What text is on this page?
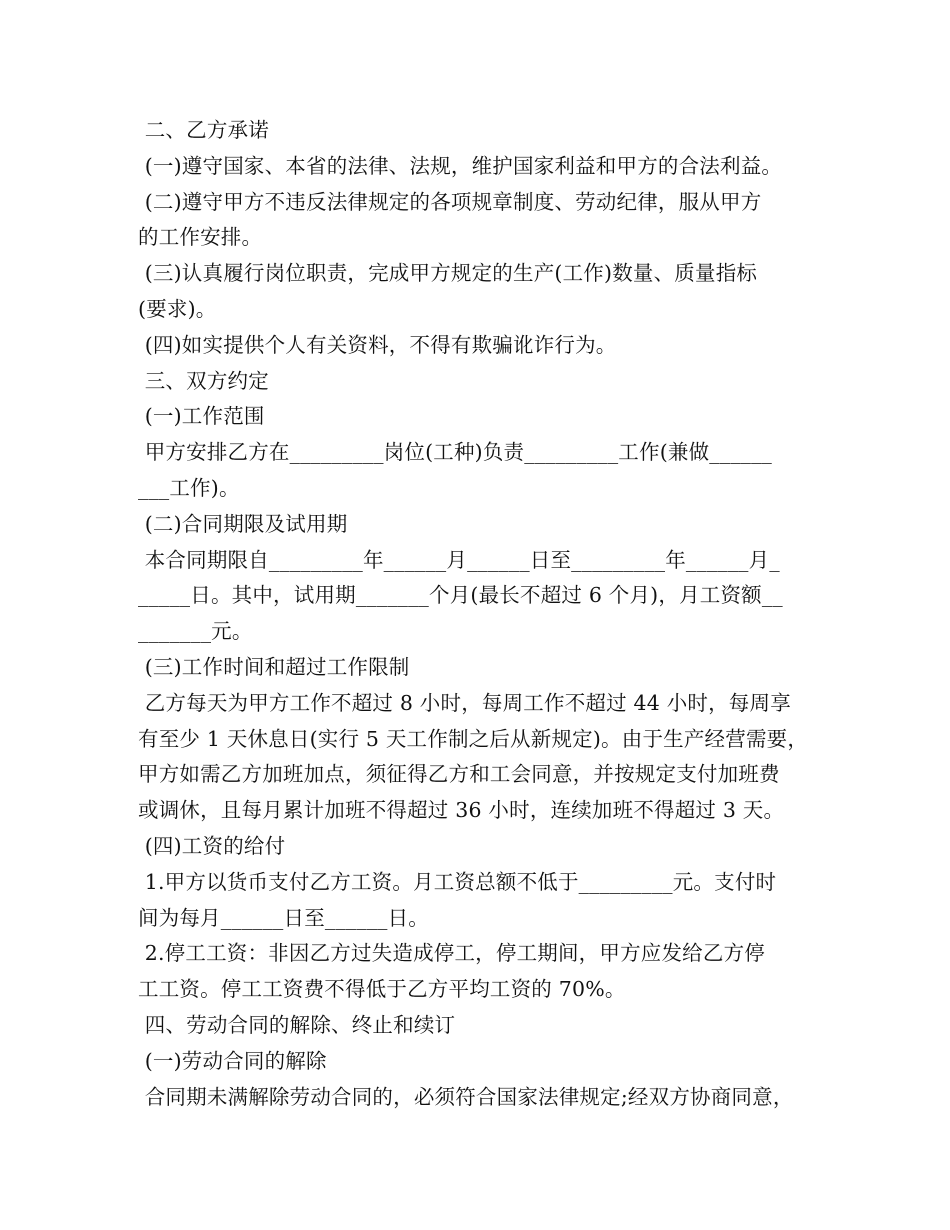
二、乙方承诺
(一)遵守国家、本省的法律、法规，维护国家利益和甲方的合法利益。
(二)遵守甲方不违反法律规定的各项规章制度、劳动纪律，服从甲方
的工作安排。
(三)认真履行岗位职责，完成甲方规定的生产(工作)数量、质量指标
(要求)。
(四)如实提供个人有关资料，不得有欺骗讹诈行为。
三、双方约定
(一)工作范围
甲方安排乙方在_________岗位(工种)负责_________工作(兼做______
___工作)。
(二)合同期限及试用期
本合同期限自_________年______月______日至_________年______月_
_____日。其中，试用期_______个月(最长不超过 6 个月)，月工资额__
_______元。
(三)工作时间和超过工作限制
乙方每天为甲方工作不超过 8 小时，每周工作不超过 44 小时，每周享
有至少 1 天休息日(实行 5 天工作制之后从新规定)。由于生产经营需要，
甲方如需乙方加班加点，须征得乙方和工会同意，并按规定支付加班费
或调休，且每月累计加班不得超过 36 小时，连续加班不得超过 3 天。
(四)工资的给付
1.甲方以货币支付乙方工资。月工资总额不低于_________元。支付时
间为每月______日至______日。
2.停工工资：非因乙方过失造成停工，停工期间，甲方应发给乙方停
工工资。停工工资费不得低于乙方平均工资的 70%。
四、劳动合同的解除、终止和续订
(一)劳动合同的解除
合同期未满解除劳动合同的，必须符合国家法律规定;经双方协商同意，
